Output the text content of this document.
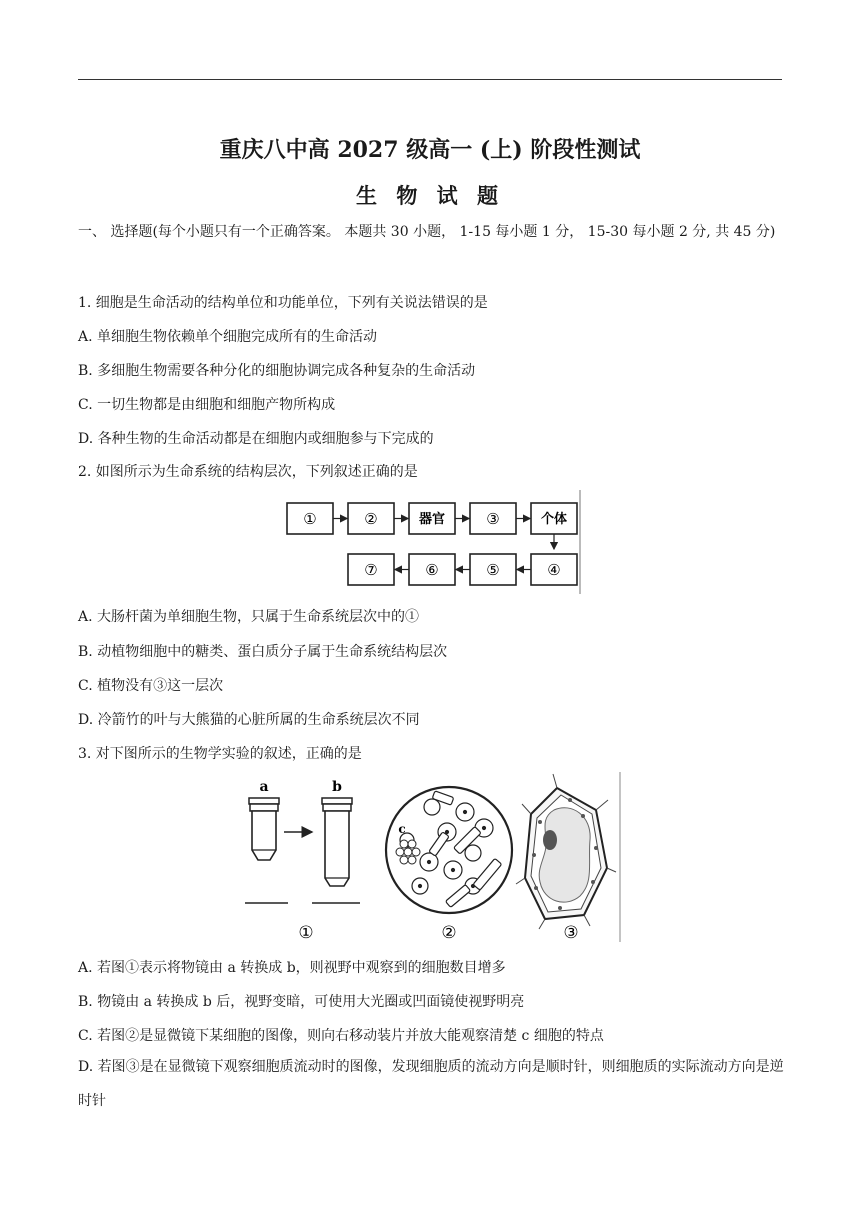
重庆八中高 2027 级高一 (上) 阶段性测试
生 物 试 题
一、 选择题(每个小题只有一个正确答案。 本题共 30 小题， 1-15 每小题 1 分， 15-30 每小题 2 分, 共 45 分)
1. 细胞是生命活动的结构单位和功能单位，下列有关说法错误的是
A. 单细胞生物依赖单个细胞完成所有的生命活动
B. 多细胞生物需要各种分化的细胞协调完成各种复杂的生命活动
C. 一切生物都是由细胞和细胞产物所构成
D. 各种生物的生命活动都是在细胞内或细胞参与下完成的
2. 如图所示为生命系统的结构层次，下列叙述正确的是
①	②	器官	③	个体
④
⑤
⑥
⑦
A. 大肠杆菌为单细胞生物，只属于生命系统层次中的①
B. 动植物细胞中的糖类、蛋白质分子属于生命系统结构层次
C. 植物没有③这一层次
D. 冷箭竹的叶与大熊猫的心脏所属的生命系统层次不同
3. 对下图所示的生物学实验的叙述，正确的是
a	b
①
c
②	③
A. 若图①表示将物镜由 a 转换成 b，则视野中观察到的细胞数目增多
B. 物镜由 a 转换成 b 后，视野变暗，可使用大光圈或凹面镜使视野明亮
C. 若图②是显微镜下某细胞的图像，则向右移动装片并放大能观察清楚 c 细胞的特点
D. 若图③是在显微镜下观察细胞质流动时的图像，发现细胞质的流动方向是顺时针，则细胞质的实际流动方向是逆时针
